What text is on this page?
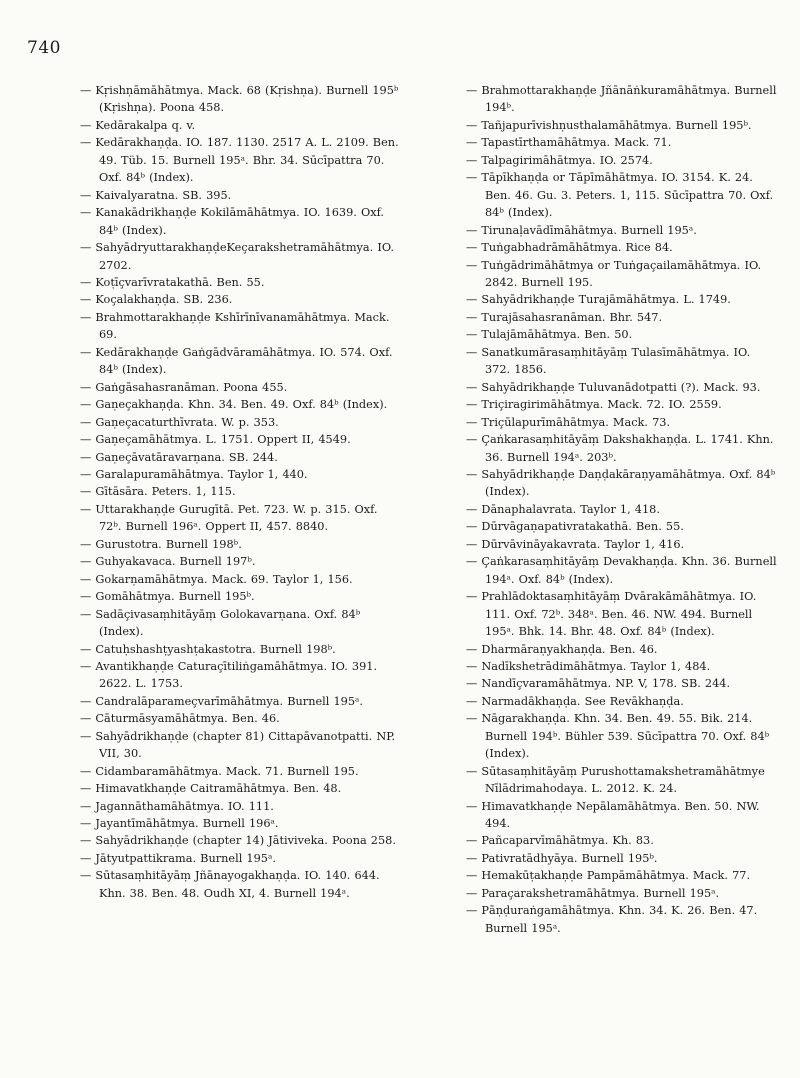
740
— Kṛishṇāmāhātmya. Mack. 68 (Kṛishṇa). Burnell 195ᵇ (Kṛishṇa). Poona 458.
— Kedārakalpa q. v.
— Kedārakhaṇḍa. IO. 187. 1130. 2517 A. L. 2109. Ben. 49. Tüb. 15. Burnell 195ᵃ. Bhr. 34. Sūcīpattra 70. Oxf. 84ᵇ (Index).
— Kaivalyaratna. SB. 395.
— Kanakādrikhaṇḍe Kokilāmāhātmya. IO. 1639. Oxf. 84ᵇ (Index).
— SahyādryuttarakhaṇḍeKeçarakshetramāhātmya. IO. 2702.
— Koṭīçvarīvratakathā. Ben. 55.
— Koçalakhaṇḍa. SB. 236.
— Brahmottarakhaṇḍe Kshīrīnīvanamāhātmya. Mack. 69.
— Kedārakhaṇḍe Gaṅgādvāramāhātmya. IO. 574. Oxf. 84ᵇ (Index).
— Gaṅgāsahasranāman. Poona 455.
— Gaṇeçakhaṇḍa. Khn. 34. Ben. 49. Oxf. 84ᵇ (Index).
— Gaṇeçacaturthīvrata. W. p. 353.
— Gaṇeçamāhātmya. L. 1751. Oppert II, 4549.
— Gaṇeçāvatāravarṇana. SB. 244.
— Garalapuramāhātmya. Taylor 1, 440.
— Gītāsāra. Peters. 1, 115.
— Uttarakhaṇḍe Gurugītā. Pet. 723. W. p. 315. Oxf. 72ᵇ. Burnell 196ᵃ. Oppert II, 457. 8840.
— Gurustotra. Burnell 198ᵇ.
— Guhyakavaca. Burnell 197ᵇ.
— Gokarṇamāhātmya. Mack. 69. Taylor 1, 156.
— Gomāhātmya. Burnell 195ᵇ.
— Sadāçivasaṃhitāyāṃ Golokavarṇana. Oxf. 84ᵇ (Index).
— Catuḥshashṭyashṭakastotra. Burnell 198ᵇ.
— Avantikhaṇḍe Caturaçītiliṅgamāhātmya. IO. 391. 2622. L. 1753.
— Candralāparameçvarīmāhātmya. Burnell 195ᵃ.
— Cāturmāsyamāhātmya. Ben. 46.
— Sahyādrikhaṇḍe (chapter 81) Cittapāvanotpatti. NP. VII, 30.
— Cidambaramāhātmya. Mack. 71. Burnell 195.
— Himavatkhaṇḍe Caitramāhātmya. Ben. 48.
— Jagannāthamāhātmya. IO. 111.
— Jayantīmāhātmya. Burnell 196ᵃ.
— Sahyādrikhaṇḍe (chapter 14) Jātiviveka. Poona 258.
— Jātyutpattikrama. Burnell 195ᵃ.
— Sūtasaṃhitāyāṃ Jñānayogakhaṇḍa. IO. 140. 644. Khn. 38. Ben. 48. Oudh XI, 4. Burnell 194ᵃ.
— Brahmottarakhaṇḍe Jñānāṅkuramāhātmya. Burnell 194ᵇ.
— Tañjapurīvishṇusthalamāhātmya. Burnell 195ᵇ.
— Tapastīrthamāhātmya. Mack. 71.
— Talpagirimāhātmya. IO. 2574.
— Tāpīkhaṇḍa or Tāpīmāhātmya. IO. 3154. K. 24. Ben. 46. Gu. 3. Peters. 1, 115. Sūcīpattra 70. Oxf. 84ᵇ (Index).
— Tirunaḷavādīmāhātmya. Burnell 195ᵃ.
— Tuṅgabhadrāmāhātmya. Rice 84.
— Tuṅgādrimāhātmya or Tuṅgaçailamāhātmya. IO. 2842. Burnell 195.
— Sahyādrikhaṇḍe Turajāmāhātmya. L. 1749.
— Turajāsahasranāman. Bhr. 547.
— Tulajāmāhātmya. Ben. 50.
— Sanatkumārasaṃhitāyāṃ Tulasīmāhātmya. IO. 372. 1856.
— Sahyādrikhaṇḍe Tuluvanādotpatti (?). Mack. 93.
— Triçiragirimāhātmya. Mack. 72. IO. 2559.
— Triçūlapurīmāhātmya. Mack. 73.
— Çaṅkarasaṃhitāyāṃ Dakshakhaṇḍa. L. 1741. Khn. 36. Burnell 194ᵃ. 203ᵇ.
— Sahyādrikhaṇḍe Daṇḍakāraṇyamāhātmya. Oxf. 84ᵇ (Index).
— Dānaphalavrata. Taylor 1, 418.
— Dūrvāgaṇapativratakathā. Ben. 55.
— Dūrvāvināyakavrata. Taylor 1, 416.
— Çaṅkarasaṃhitāyāṃ Devakhaṇḍa. Khn. 36. Burnell 194ᵃ. Oxf. 84ᵇ (Index).
— Prahlādoktasaṃhitāyāṃ Dvārakāmāhātmya. IO. 111. Oxf. 72ᵇ. 348ᵃ. Ben. 46. NW. 494. Burnell 195ᵃ. Bhk. 14. Bhr. 48. Oxf. 84ᵇ (Index).
— Dharmāraṇyakhaṇḍa. Ben. 46.
— Nadīkshetrādimāhātmya. Taylor 1, 484.
— Nandīçvaramāhātmya. NP. V, 178. SB. 244.
— Narmadākhaṇḍa. See Revākhaṇḍa.
— Nāgarakhaṇḍa. Khn. 34. Ben. 49. 55. Bik. 214. Burnell 194ᵇ. Bühler 539. Sūcīpattra 70. Oxf. 84ᵇ (Index).
— Sūtasaṃhitāyāṃ Purushottamakshetramāhātmye Nīlādrimahodaya. L. 2012. K. 24.
— Himavatkhaṇḍe Nepālamāhātmya. Ben. 50. NW. 494.
— Pañcaparvīmāhātmya. Kh. 83.
— Pativratādhyāya. Burnell 195ᵇ.
— Hemakūṭakhaṇḍe Pampāmāhātmya. Mack. 77.
— Paraçarakshetramāhātmya. Burnell 195ᵃ.
— Pāṇḍuraṅgamāhātmya. Khn. 34. K. 26. Ben. 47. Burnell 195ᵃ.
